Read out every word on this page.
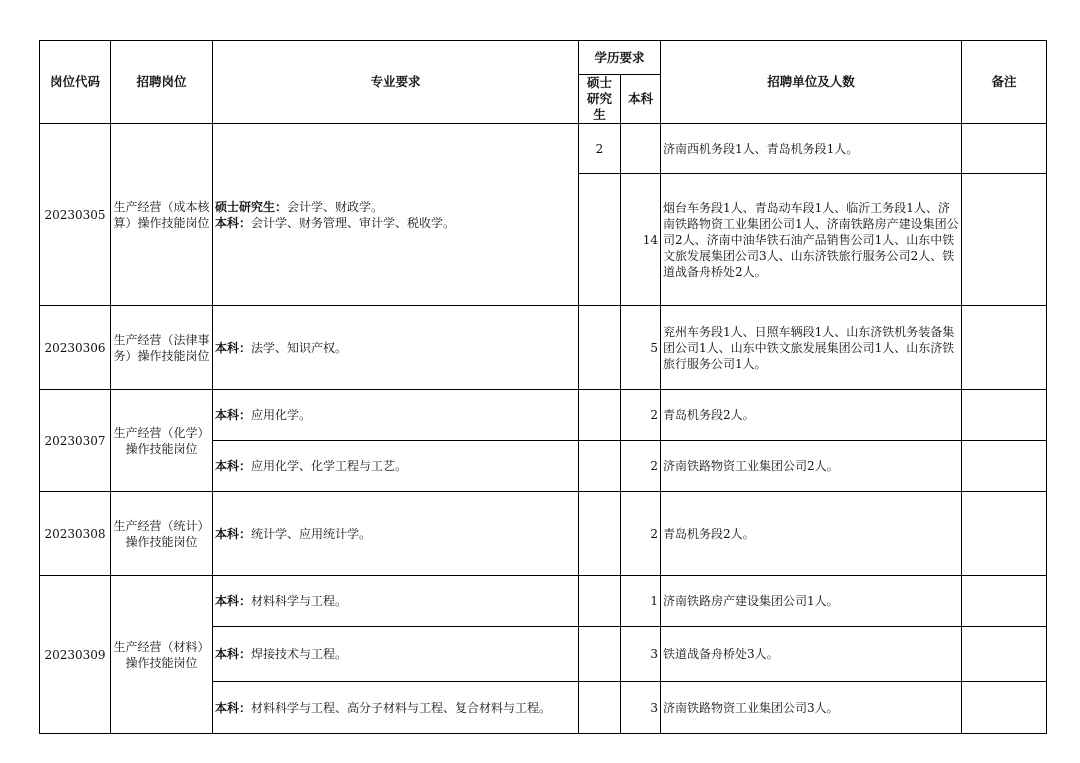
岗位代码	招聘岗位	专业要求	学历要求		招聘单位及人数	备注
			硕士研究生	本科		
20230305	生产经营（成本核算）操作技能岗位	硕士研究生：会计学、财政学。
本科：会计学、财务管理、审计学、税收学。	2		济南西机务段1人、青岛机务段1人。	
				14	烟台车务段1人、青岛动车段1人、临沂工务段1人、济南铁路物资工业集团公司1人、济南铁路房产建设集团公司2人、济南中油华铁石油产品销售公司1人、山东中铁文旅发展集团公司3人、山东济铁旅行服务公司2人、铁道战备舟桥处2人。	
20230306	生产经营（法律事务）操作技能岗位	本科：法学、知识产权。		5	兖州车务段1人、日照车辆段1人、山东济铁机务装备集团公司1人、山东中铁文旅发展集团公司1人、山东济铁旅行服务公司1人。	
20230307	生产经营（化学）操作技能岗位	本科：应用化学。		2	青岛机务段2人。	
		本科：应用化学、化学工程与工艺。		2	济南铁路物资工业集团公司2人。	
20230308	生产经营（统计）操作技能岗位	本科：统计学、应用统计学。		2	青岛机务段2人。	
20230309	生产经营（材料）操作技能岗位	本科：材料科学与工程。		1	济南铁路房产建设集团公司1人。	
		本科：焊接技术与工程。		3	铁道战备舟桥处3人。	
		本科：材料科学与工程、高分子材料与工程、复合材料与工程。		3	济南铁路物资工业集团公司3人。	
